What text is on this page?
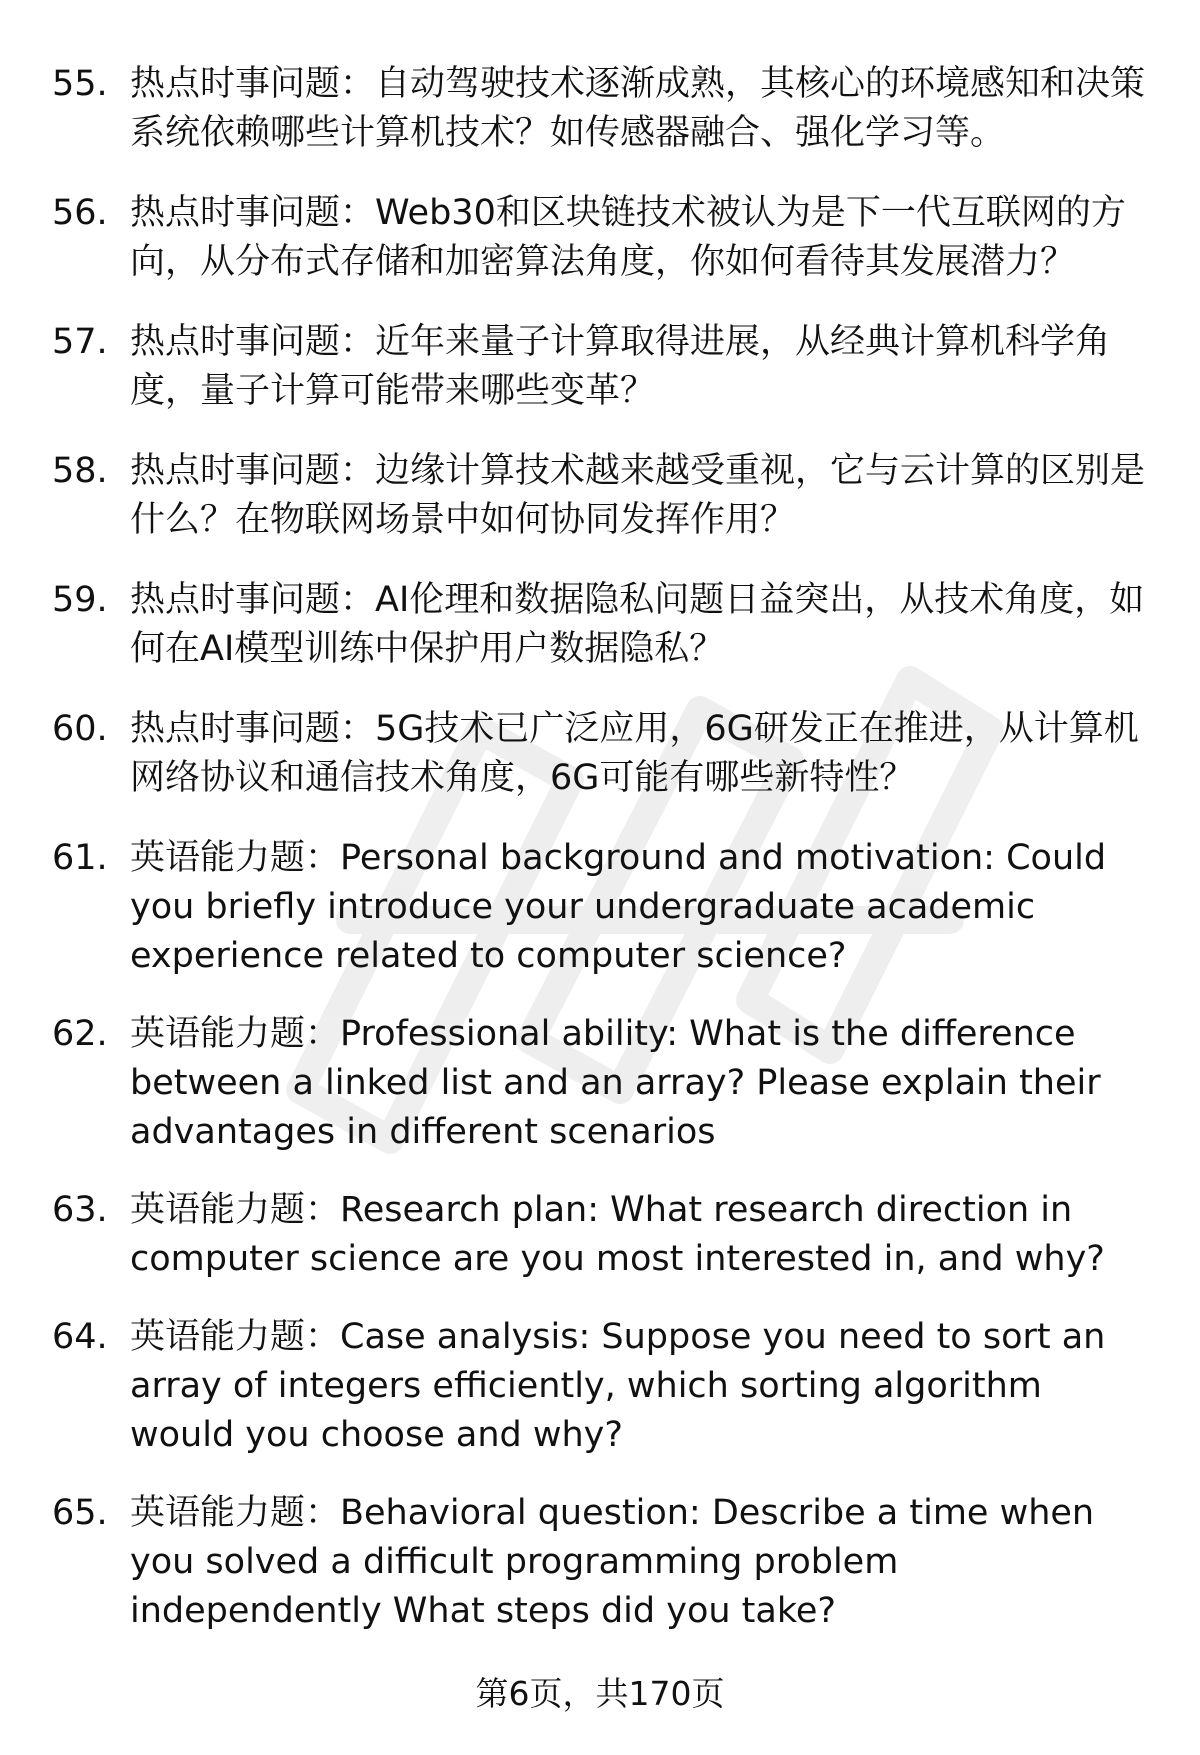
55. 热点时事问题：自动驾驶技术逐渐成熟，其核心的环境感知和决策系统依赖哪些计算机技术？如传感器融合、强化学习等。
56. 热点时事问题：Web30和区块链技术被认为是下一代互联网的方向，从分布式存储和加密算法角度，你如何看待其发展潜力？
57. 热点时事问题：近年来量子计算取得进展，从经典计算机科学角度，量子计算可能带来哪些变革？
58. 热点时事问题：边缘计算技术越来越受重视，它与云计算的区别是什么？在物联网场景中如何协同发挥作用？
59. 热点时事问题：AI伦理和数据隐私问题日益突出，从技术角度，如何在AI模型训练中保护用户数据隐私？
60. 热点时事问题：5G技术已广泛应用，6G研发正在推进，从计算机网络协议和通信技术角度，6G可能有哪些新特性？
61. 英语能力题：Personal background and motivation: Could you briefly introduce your undergraduate academic experience related to computer science?
62. 英语能力题：Professional ability: What is the difference between a linked list and an array? Please explain their advantages in different scenarios
63. 英语能力题：Research plan: What research direction in computer science are you most interested in, and why?
64. 英语能力题：Case analysis: Suppose you need to sort an array of integers efficiently, which sorting algorithm would you choose and why?
65. 英语能力题：Behavioral question: Describe a time when you solved a difficult programming problem independently What steps did you take?
第6页，共170页
